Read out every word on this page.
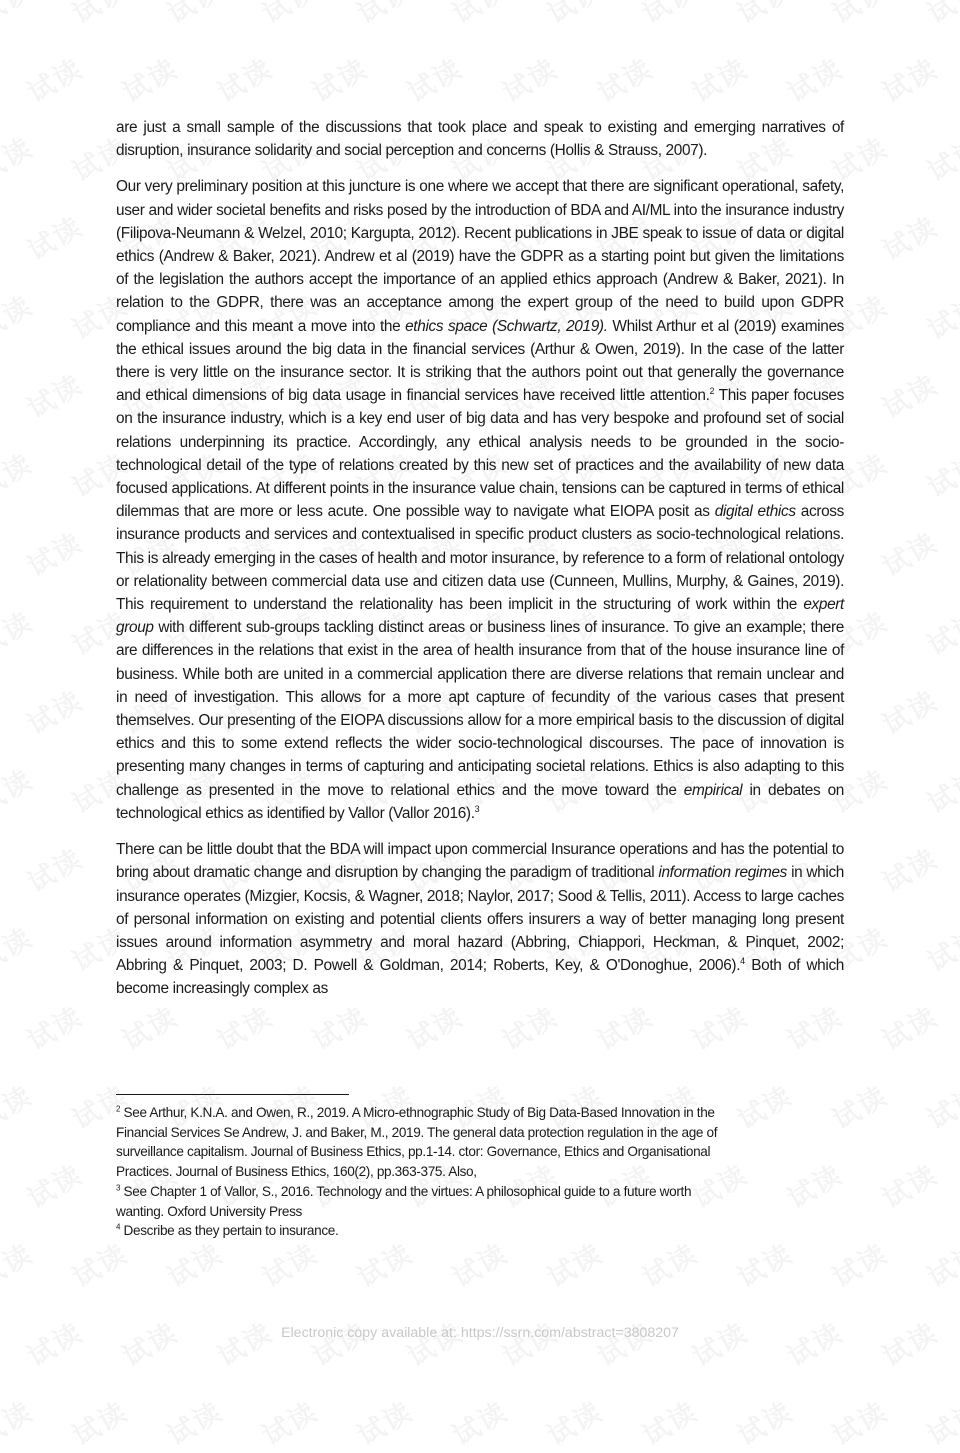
are just a small sample of the discussions that took place and speak to existing and emerging narratives of disruption, insurance solidarity and social perception and concerns (Hollis & Strauss, 2007).

Our very preliminary position at this juncture is one where we accept that there are significant operational, safety, user and wider societal benefits and risks posed by the introduction of BDA and AI/ML into the insurance industry (Filipova-Neumann & Welzel, 2010; Kargupta, 2012). Recent publications in JBE speak to issue of data or digital ethics (Andrew & Baker, 2021). Andrew et al (2019) have the GDPR as a starting point but given the limitations of the legislation the authors accept the importance of an applied ethics approach (Andrew & Baker, 2021). In relation to the GDPR, there was an acceptance among the expert group of the need to build upon GDPR compliance and this meant a move into the ethics space (Schwartz, 2019). Whilst Arthur et al (2019) examines the ethical issues around the big data in the financial services (Arthur & Owen, 2019). In the case of the latter there is very little on the insurance sector. It is striking that the authors point out that generally the governance and ethical dimensions of big data usage in financial services have received little attention.$^2$ This paper focuses on the insurance industry, which is a key end user of big data and has very bespoke and profound set of social relations underpinning its practice. Accordingly, any ethical analysis needs to be grounded in the socio-technological detail of the type of relations created by this new set of practices and the availability of new data focused applications. At different points in the insurance value chain, tensions can be captured in terms of ethical dilemmas that are more or less acute. One possible way to navigate what EIOPA posit as digital ethics across insurance products and services and contextualised in specific product clusters as socio-technological relations. This is already emerging in the cases of health and motor insurance, by reference to a form of relational ontology or relationality between commercial data use and citizen data use (Cunneen, Mullins, Murphy, & Gaines, 2019). This requirement to understand the relationality has been implicit in the structuring of work within the expert group with different sub-groups tackling distinct areas or business lines of insurance. To give an example; there are differences in the relations that exist in the area of health insurance from that of the house insurance line of business. While both are united in a commercial application there are diverse relations that remain unclear and in need of investigation. This allows for a more apt capture of fecundity of the various cases that present themselves. Our presenting of the EIOPA discussions allow for a more empirical basis to the discussion of digital ethics and this to some extend reflects the wider socio-technological discourses. The pace of innovation is presenting many changes in terms of capturing and anticipating societal relations. Ethics is also adapting to this challenge as presented in the move to relational ethics and the move toward the empirical in debates on technological ethics as identified by Vallor (Vallor 2016).$^3$

There can be little doubt that the BDA will impact upon commercial Insurance operations and has the potential to bring about dramatic change and disruption by changing the paradigm of traditional information regimes in which insurance operates (Mizgier, Kocsis, & Wagner, 2018; Naylor, 2017; Sood & Tellis, 2011). Access to large caches of personal information on existing and potential clients offers insurers a way of better managing long present issues around information asymmetry and moral hazard (Abbring, Chiappori, Heckman, & Pinquet, 2002; Abbring & Pinquet, 2003; D. Powell & Goldman, 2014; Roberts, Key, & O'Donoghue, 2006).$^4$ Both of which become increasingly complex as

$^2$ See Arthur, K.N.A. and Owen, R., 2019. A Micro-ethnographic Study of Big Data-Based Innovation in the

Financial Services Se Andrew, J. and Baker, M., 2019. The general data protection regulation in the age of

surveillance capitalism. Journal of Business Ethics, pp.1-14. ctor: Governance, Ethics and Organisational

Practices. Journal of Business Ethics, 160(2), pp.363-375. Also,

$^3$ See Chapter 1 of Vallor, S., 2016. Technology and the virtues: A philosophical guide to a future worth

wanting. Oxford University Press

$^4$ Describe as they pertain to insurance.

Electronic copy available at: https://ssrn.com/abstract=3808207
